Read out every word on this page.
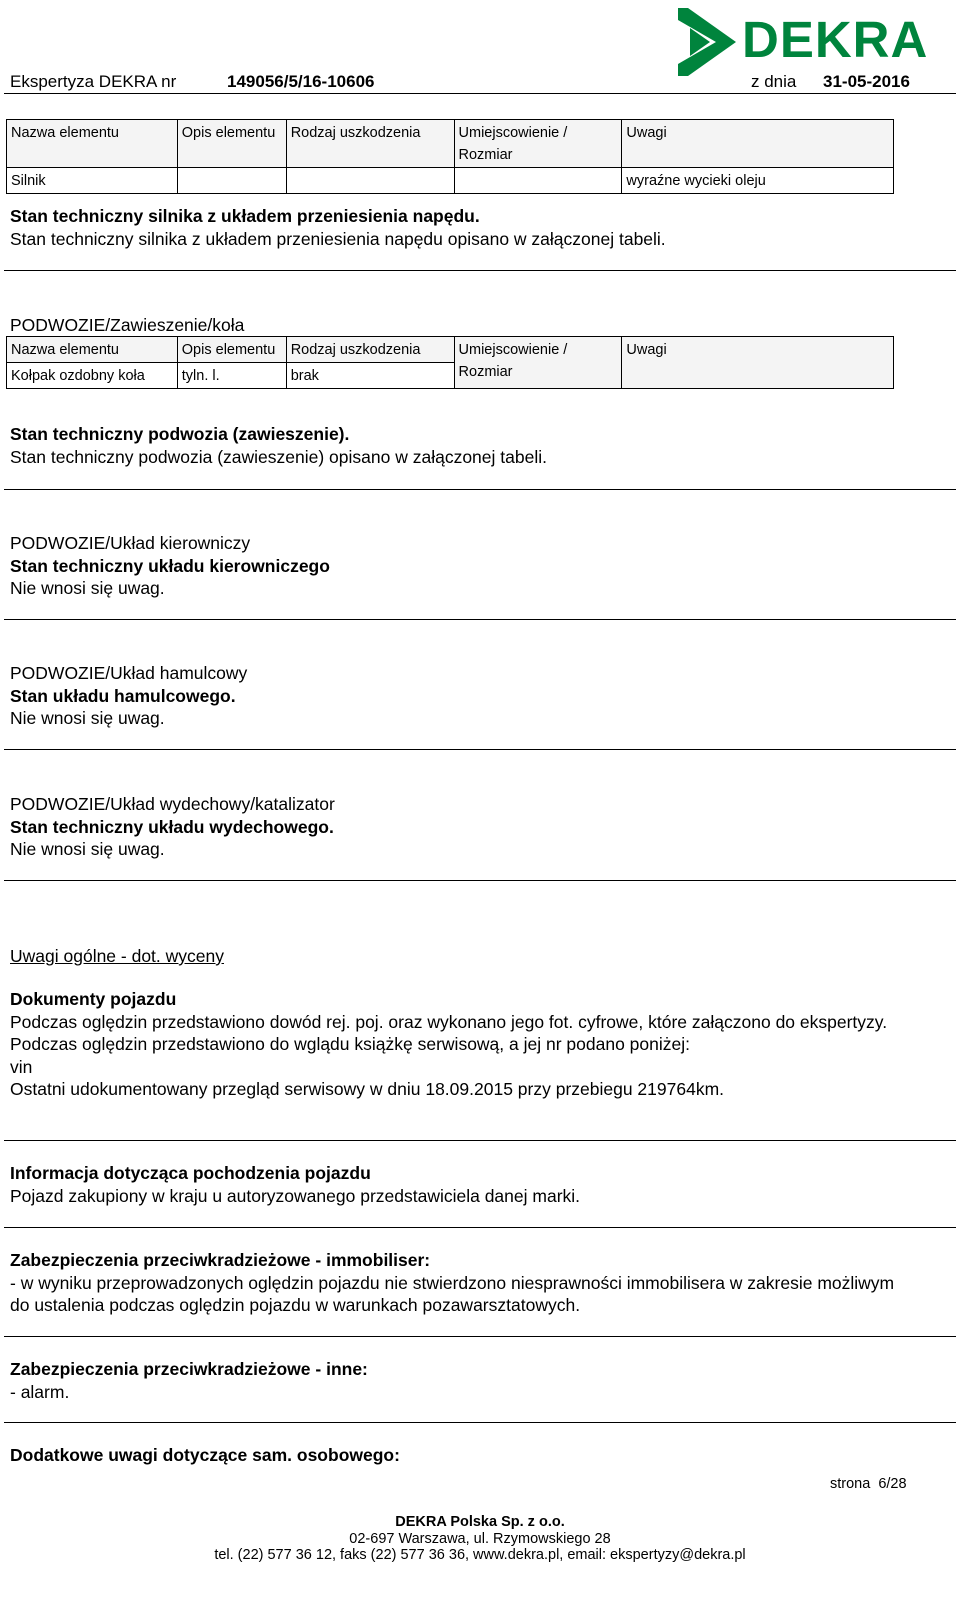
DEKRA
Ekspertyza DEKRA nr	149056/5/16-10606	z dnia 31-05-2016
Nazwa elementu	Opis elementu	Rodzaj uszkodzenia	Umiejscowienie / Rozmiar	Uwagi
Silnik				wyraźne wycieki oleju
Stan techniczny silnika z układem przeniesienia napędu.
Stan techniczny silnika z układem przeniesienia napędu opisano w załączonej tabeli.
PODWOZIE/Zawieszenie/koła
Nazwa elementu	Opis elementu	Rodzaj uszkodzenia	Umiejscowienie / Rozmiar	Uwagi
Kołpak ozdobny koła	tyln. l.	brak		
Stan techniczny podwozia (zawieszenie).
Stan techniczny podwozia (zawieszenie) opisano w załączonej tabeli.
PODWOZIE/Układ kierowniczy
Stan techniczny układu kierowniczego
Nie wnosi się uwag.
PODWOZIE/Układ hamulcowy
Stan układu hamulcowego.
Nie wnosi się uwag.
PODWOZIE/Układ wydechowy/katalizator
Stan techniczny układu wydechowego.
Nie wnosi się uwag.
Uwagi ogólne - dot. wyceny
Dokumenty pojazdu
Podczas oględzin przedstawiono dowód rej. poj. oraz wykonano jego fot. cyfrowe, które załączono do ekspertyzy.
Podczas oględzin przedstawiono do wglądu książkę serwisową, a jej nr podano poniżej:
vin
Ostatni udokumentowany przegląd serwisowy w dniu 18.09.2015 przy przebiegu 219764km.
Informacja dotycząca pochodzenia pojazdu
Pojazd zakupiony w kraju u autoryzowanego przedstawiciela danej marki.
Zabezpieczenia przeciwkradzieżowe - immobiliser:
- w wyniku przeprowadzonych oględzin pojazdu nie stwierdzono niesprawności immobilisera w zakresie możliwym do ustalenia podczas oględzin pojazdu w warunkach pozawarsztatowych.
Zabezpieczenia przeciwkradzieżowe - inne:
- alarm.
Dodatkowe uwagi dotyczące sam. osobowego:
strona 6/28
DEKRA Polska Sp. z o.o.
02-697 Warszawa, ul. Rzymowskiego 28
tel. (22) 577 36 12, faks (22) 577 36 36, www.dekra.pl, email: ekspertyzy@dekra.pl
